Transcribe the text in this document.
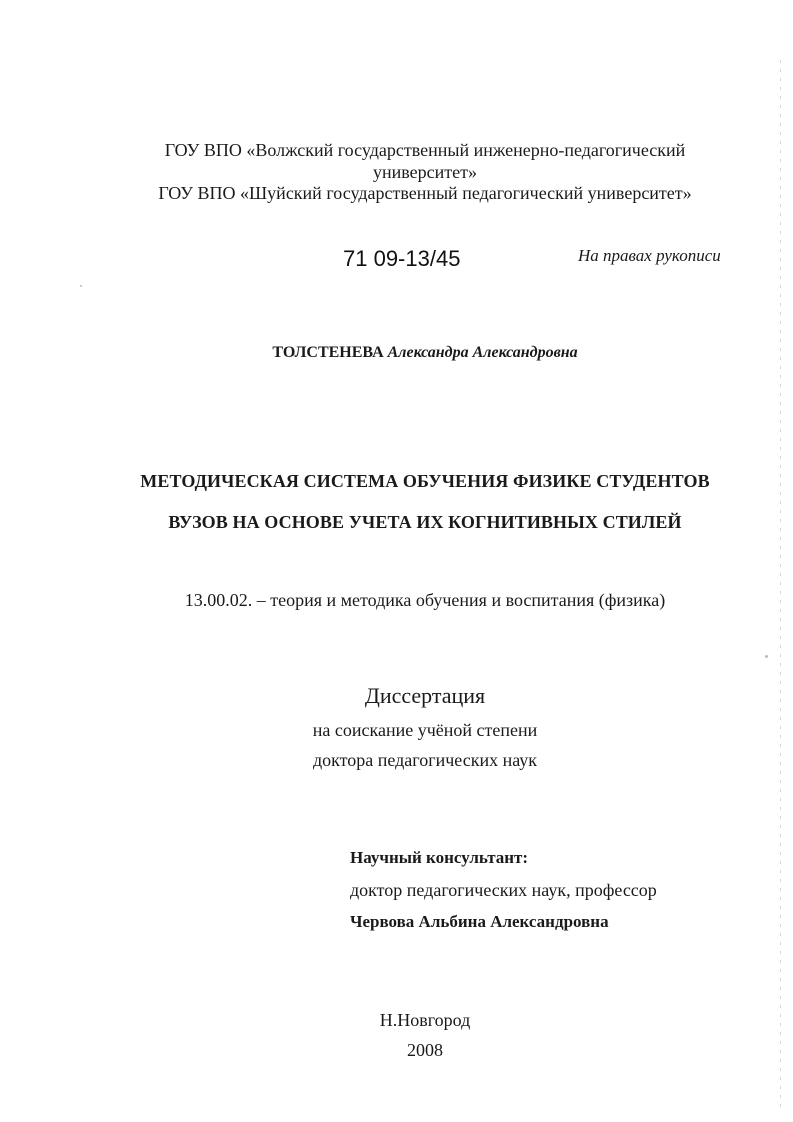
ГОУ ВПО «Волжский государственный инженерно-педагогический
университет»
ГОУ ВПО «Шуйский государственный педагогический университет»
71 09-13/45	На правах рукописи
ТОЛСТЕНЕВА Александра Александровна
МЕТОДИЧЕСКАЯ СИСТЕМА ОБУЧЕНИЯ ФИЗИКЕ СТУДЕНТОВ
ВУЗОВ НА ОСНОВЕ УЧЕТА ИХ КОГНИТИВНЫХ СТИЛЕЙ
13.00.02. – теория и методика обучения и воспитания (физика)
Диссертация
на соискание учёной степени
доктора педагогических наук
Научный консультант:
доктор педагогических наук, профессор
Червова Альбина Александровна
Н.Новгород
2008
